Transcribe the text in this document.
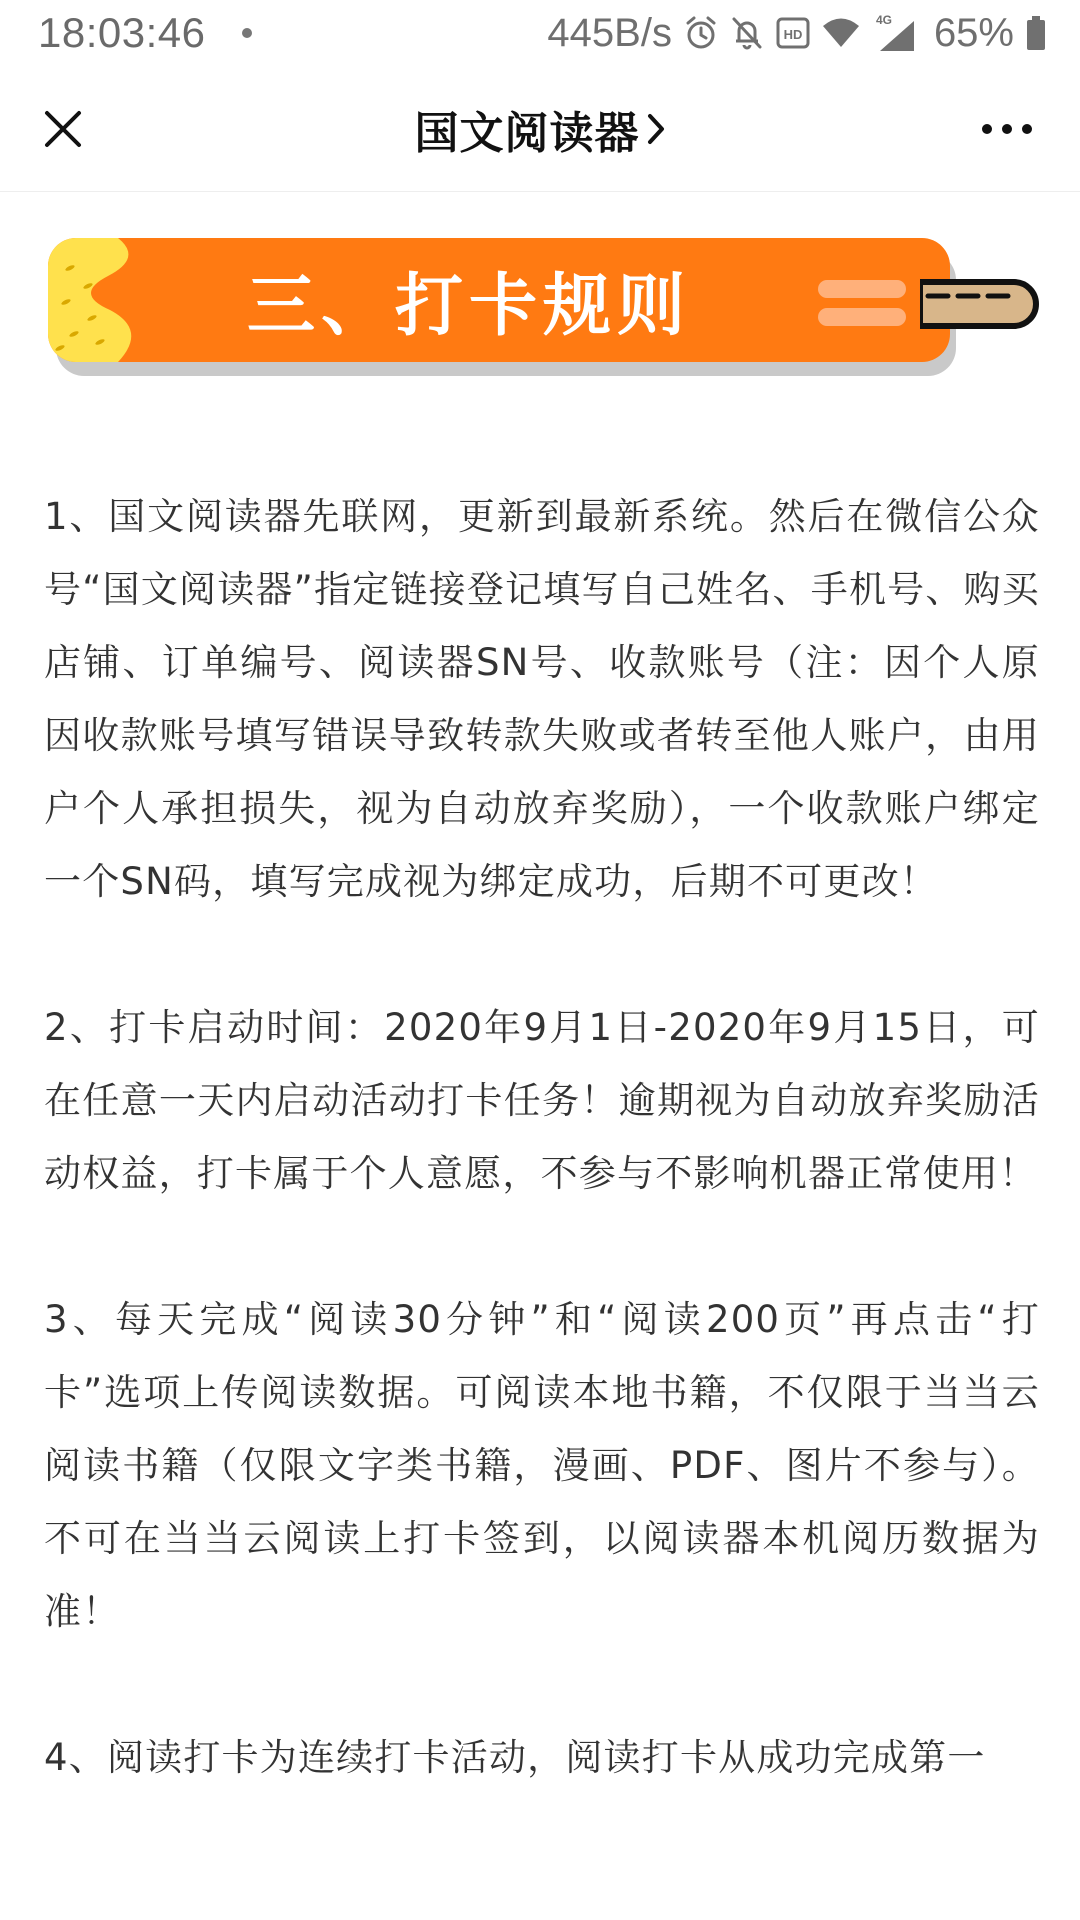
18:03:46	445B/s	HD
4G 65%
国文阅读器
三、打卡规则

1、国文阅读器先联网，更新到最新系统。然后在微信公众号“国文阅读器”指定链接登记填写自己姓名、手机号、购买店铺、订单编号、阅读器SN号、收款账号（注：因个人原因收款账号填写错误导致转款失败或者转至他人账户，由用户个人承担损失，视为自动放弃奖励），一个收款账户绑定一个SN码，填写完成视为绑定成功，后期不可更改！

2、打卡启动时间：2020年9月1日-2020年9月15日，可在任意一天内启动活动打卡任务！逾期视为自动放弃奖励活动权益，打卡属于个人意愿，不参与不影响机器正常使用！

3、每天完成“阅读30分钟”和“阅读200页”再点击“打卡”选项上传阅读数据。可阅读本地书籍，不仅限于当当云阅读书籍（仅限文字类书籍，漫画、PDF、图片不参与）。不可在当当云阅读上打卡签到，以阅读器本机阅历数据为准！

4、阅读打卡为连续打卡活动，阅读打卡从成功完成第一
